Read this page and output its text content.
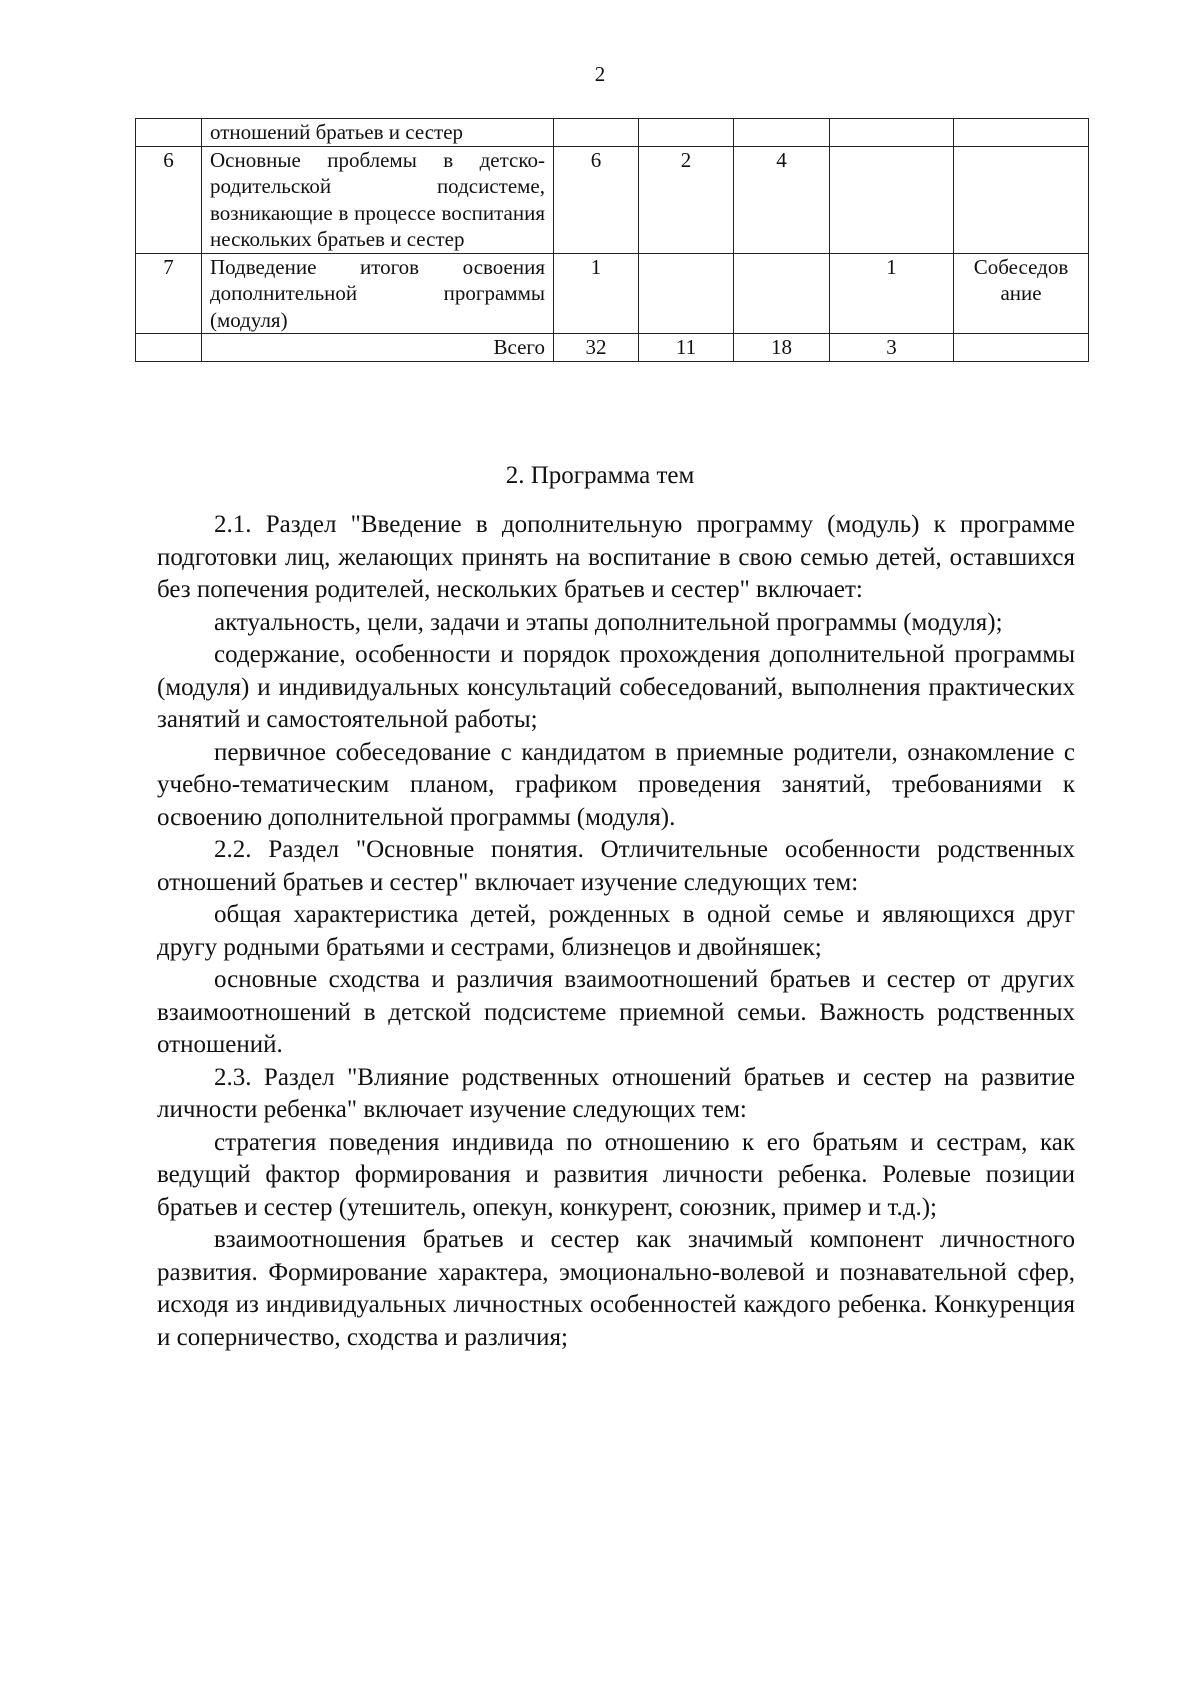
2
	отношений братьев и сестер					
6	Основные проблемы в детско-родительской подсистеме, возникающие в процессе воспитания нескольких братьев и сестер	6	2	4		
7	Подведение итогов освоения дополнительной программы (модуля)	1			1	Собеседов ание
	Всего	32	11	18	3	
2. Программа тем

2.1. Раздел "Введение в дополнительную программу (модуль) к программе подготовки лиц, желающих принять на воспитание в свою семью детей, оставшихся без попечения родителей, нескольких братьев и сестер" включает:

актуальность, цели, задачи и этапы дополнительной программы (модуля);

содержание, особенности и порядок прохождения дополнительной программы (модуля) и индивидуальных консультаций собеседований, выполнения практических занятий и самостоятельной работы;

первичное собеседование с кандидатом в приемные родители, ознакомление с учебно-тематическим планом, графиком проведения занятий, требованиями к освоению дополнительной программы (модуля).

2.2. Раздел "Основные понятия. Отличительные особенности родственных отношений братьев и сестер" включает изучение следующих тем:

общая характеристика детей, рожденных в одной семье и являющихся друг другу родными братьями и сестрами, близнецов и двойняшек;

основные сходства и различия взаимоотношений братьев и сестер от других взаимоотношений в детской подсистеме приемной семьи. Важность родственных отношений.

2.3. Раздел "Влияние родственных отношений братьев и сестер на развитие личности ребенка" включает изучение следующих тем:

стратегия поведения индивида по отношению к его братьям и сестрам, как ведущий фактор формирования и развития личности ребенка. Ролевые позиции братьев и сестер (утешитель, опекун, конкурент, союзник, пример и т.д.);

взаимоотношения братьев и сестер как значимый компонент личностного развития. Формирование характера, эмоционально-волевой и познавательной сфер, исходя из индивидуальных личностных особенностей каждого ребенка. Конкуренция и соперничество, сходства и различия;
